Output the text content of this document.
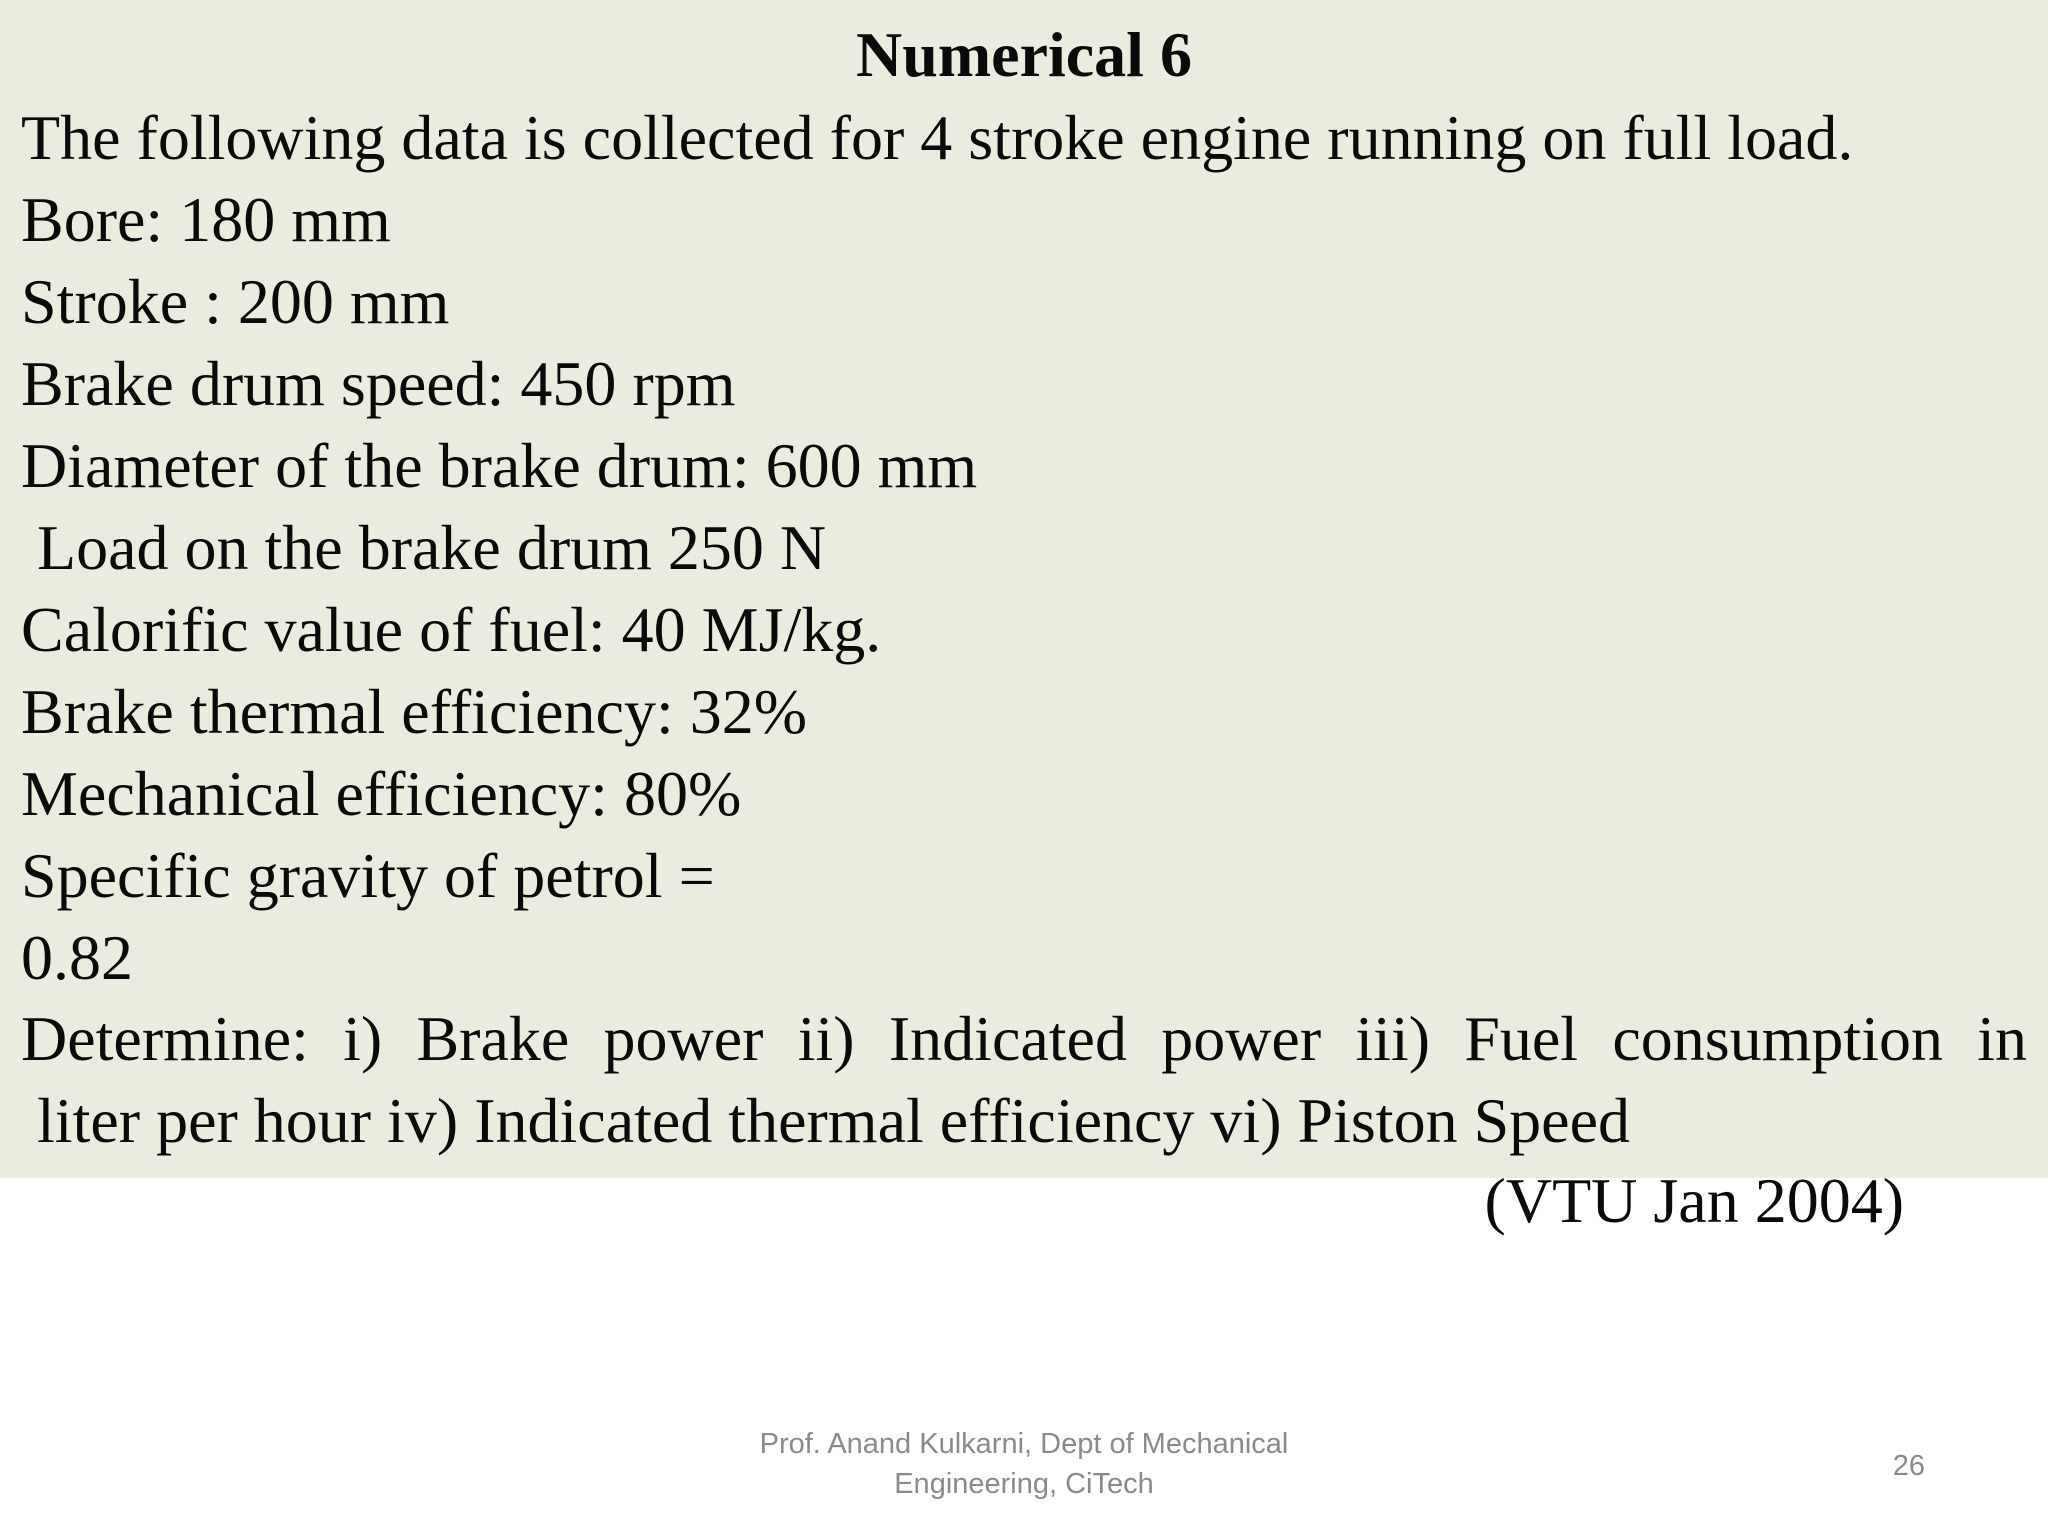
Numerical 6

The following data is collected for 4 stroke engine running on full load.

Bore: 180 mm

Stroke : 200 mm

Brake drum speed: 450 rpm

Diameter of the brake drum: 600 mm

Load on the brake drum 250 N

Calorific value of fuel: 40 MJ/kg.

Brake thermal efficiency: 32%

Mechanical efficiency: 80%

Specific gravity of petrol =

0.82

Determine: i) Brake power ii) Indicated power iii) Fuel consumption in
liter per hour iv) Indicated thermal efficiency vi) Piston Speed
(VTU Jan 2004)
Prof. Anand Kulkarni, Dept of Mechanical
Engineering, CiTech
26
